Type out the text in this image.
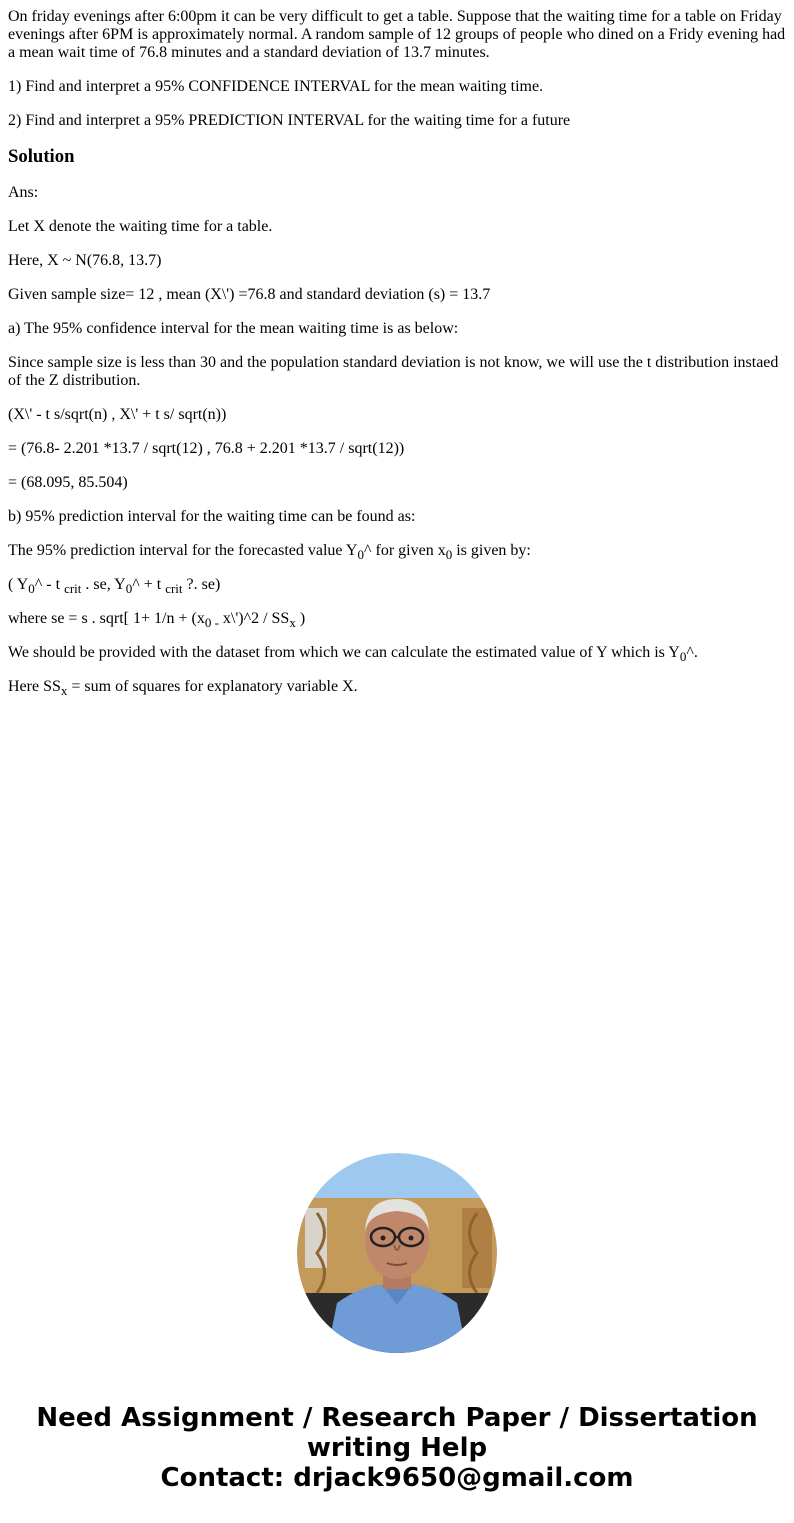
On friday evenings after 6:00pm it can be very difficult to get a table. Suppose that the waiting time for a table on Friday evenings after 6PM is approximately normal. A random sample of 12 groups of people who dined on a Fridy evening had a mean wait time of 76.8 minutes and a standard deviation of 13.7 minutes.

1) Find and interpret a 95% CONFIDENCE INTERVAL for the mean waiting time.

2) Find and interpret a 95% PREDICTION INTERVAL for the waiting time for a future

Solution

Ans:

Let X denote the waiting time for a table.

Here, X ~ N(76.8, 13.7)

Given sample size= 12 , mean (X\') =76.8 and standard deviation (s) = 13.7

a) The 95% confidence interval for the mean waiting time is as below:

Since sample size is less than 30 and the population standard deviation is not know, we will use the t distribution instaed of the Z distribution.

(X\' - t s/sqrt(n) , X\' + t s/ sqrt(n))

= (76.8- 2.201 *13.7 / sqrt(12) , 76.8 + 2.201 *13.7 / sqrt(12))

= (68.095, 85.504)

b) 95% prediction interval for the waiting time can be found as:

The 95% prediction interval for the forecasted value $Y_0\^{}$ for given $x_0$ is given by:

( $Y_0\^{}$ - t $_{crit}$ . se, $Y_0\^{} + t$ $_{crit}$ ?. se)

where se = s . sqrt[ $1+ 1/n + (x_{0 -}$ x\')^2 / $SS_x$ )

We should be provided with the dataset from which we can calculate the estimated value of Y which is $Y_0\^{}$.

Here $SS_x$ = sum of squares for explanatory variable X.

Need Assignment / Research Paper / Dissertation
writing Help
Contact: drjack9650@gmail.com
